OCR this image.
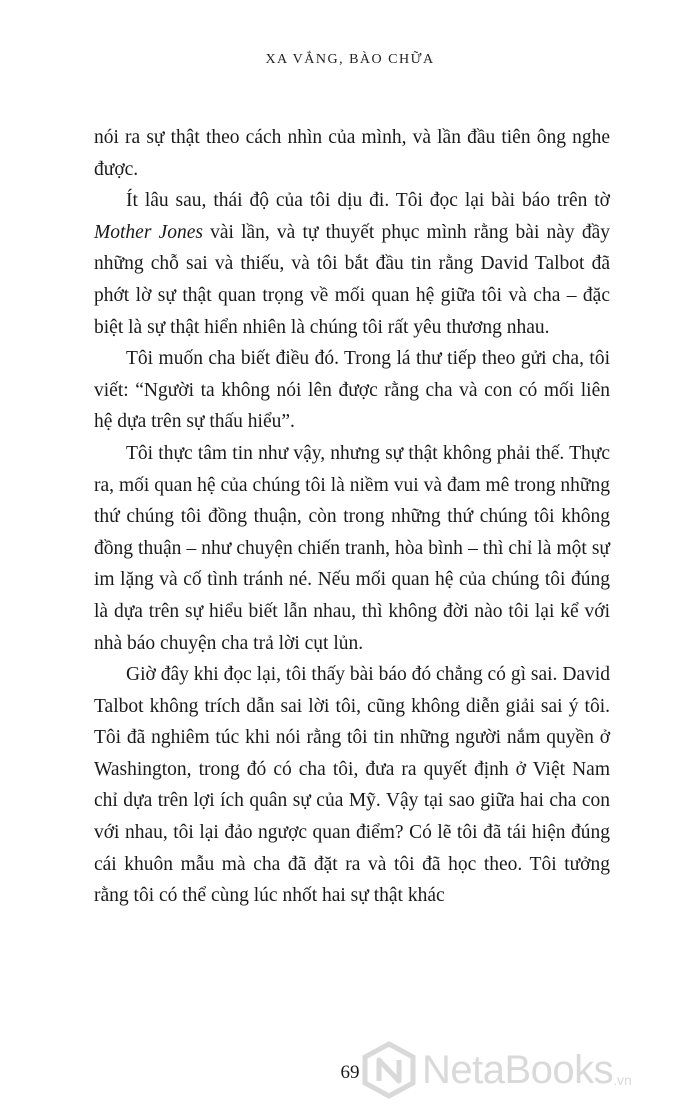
XA VẮNG, BÀO CHỮA

nói ra sự thật theo cách nhìn của mình, và lần đầu tiên ông nghe được.

Ít lâu sau, thái độ của tôi dịu đi. Tôi đọc lại bài báo trên tờ Mother Jones vài lần, và tự thuyết phục mình rằng bài này đầy những chỗ sai và thiếu, và tôi bắt đầu tin rằng David Talbot đã phớt lờ sự thật quan trọng về mối quan hệ giữa tôi và cha – đặc biệt là sự thật hiển nhiên là chúng tôi rất yêu thương nhau.

Tôi muốn cha biết điều đó. Trong lá thư tiếp theo gửi cha, tôi viết: “Người ta không nói lên được rằng cha và con có mối liên hệ dựa trên sự thấu hiểu”.

Tôi thực tâm tin như vậy, nhưng sự thật không phải thế. Thực ra, mối quan hệ của chúng tôi là niềm vui và đam mê trong những thứ chúng tôi đồng thuận, còn trong những thứ chúng tôi không đồng thuận – như chuyện chiến tranh, hòa bình – thì chỉ là một sự im lặng và cố tình tránh né. Nếu mối quan hệ của chúng tôi đúng là dựa trên sự hiểu biết lẫn nhau, thì không đời nào tôi lại kể với nhà báo chuyện cha trả lời cụt lủn.

Giờ đây khi đọc lại, tôi thấy bài báo đó chẳng có gì sai. David Talbot không trích dẫn sai lời tôi, cũng không diễn giải sai ý tôi. Tôi đã nghiêm túc khi nói rằng tôi tin những người nắm quyền ở Washington, trong đó có cha tôi, đưa ra quyết định ở Việt Nam chỉ dựa trên lợi ích quân sự của Mỹ. Vậy tại sao giữa hai cha con với nhau, tôi lại đảo ngược quan điểm? Có lẽ tôi đã tái hiện đúng cái khuôn mẫu mà cha đã đặt ra và tôi đã học theo. Tôi tưởng rằng tôi có thể cùng lúc nhốt hai sự thật khác

69	NetaBooks .vn
